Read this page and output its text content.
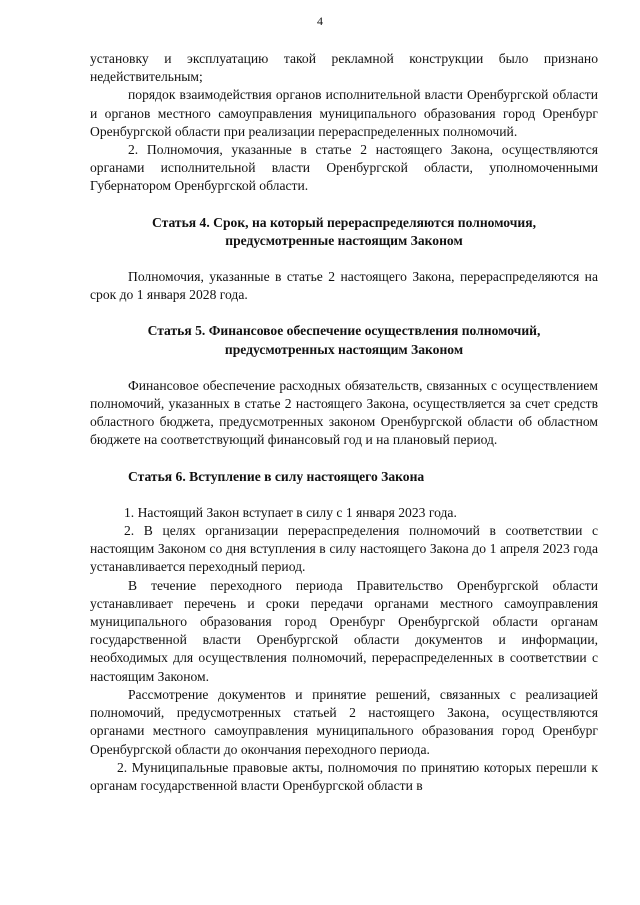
4

установку и эксплуатацию такой рекламной конструкции было признано недействительным;

порядок взаимодействия органов исполнительной власти Оренбургской области и органов местного самоуправления муниципального образования город Оренбург Оренбургской области при реализации перераспределенных полномочий.

2. Полномочия, указанные в статье 2 настоящего Закона, осуществляются органами исполнительной власти Оренбургской области, уполномоченными Губернатором Оренбургской области.

Статья 4. Срок, на который перераспределяются полномочия,
предусмотренные настоящим Законом

Полномочия, указанные в статье 2 настоящего Закона, перераспределяются на срок до 1 января 2028 года.

Статья 5. Финансовое обеспечение осуществления полномочий,
предусмотренных настоящим Законом

Финансовое обеспечение расходных обязательств, связанных с осуществлением полномочий, указанных в статье 2 настоящего Закона, осуществляется за счет средств областного бюджета, предусмотренных законом Оренбургской области об областном бюджете на соответствующий финансовый год и на плановый период.

Статья 6. Вступление в силу настоящего Закона

1. Настоящий Закон вступает в силу с 1 января 2023 года.

2. В целях организации перераспределения полномочий в соответствии с настоящим Законом со дня вступления в силу настоящего Закона до 1 апреля 2023 года устанавливается переходный период.

В течение переходного периода Правительство Оренбургской области устанавливает перечень и сроки передачи органами местного самоуправления муниципального образования город Оренбург Оренбургской области органам государственной власти Оренбургской области документов и информации, необходимых для осуществления полномочий, перераспределенных в соответствии с настоящим Законом.

Рассмотрение документов и принятие решений, связанных с реализацией полномочий, предусмотренных статьей 2 настоящего Закона, осуществляются органами местного самоуправления муниципального образования город Оренбург Оренбургской области до окончания переходного периода.

2. Муниципальные правовые акты, полномочия по принятию которых перешли к органам государственной власти Оренбургской области в
